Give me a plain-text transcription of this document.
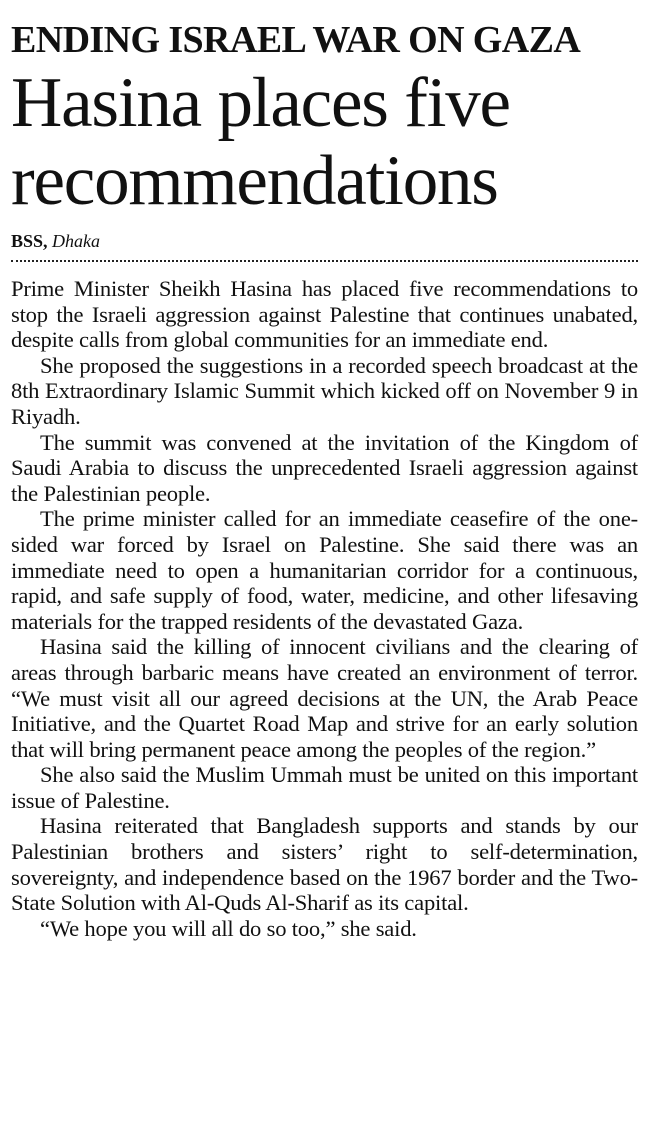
ENDING ISRAEL WAR ON GAZA
Hasina places five recommendations
BSS, Dhaka

Prime Minister Sheikh Hasina has placed five recommendations to stop the Israeli aggression against Palestine that continues unabated, despite calls from global communities for an immediate end.

She proposed the suggestions in a recorded speech broadcast at the 8th Extraordinary Islamic Summit which kicked off on November 9 in Riyadh.

The summit was convened at the invitation of the Kingdom of Saudi Arabia to discuss the unprecedented Israeli aggression against the Palestinian people.

The prime minister called for an immediate ceasefire of the one-sided war forced by Israel on Palestine. She said there was an immediate need to open a humanitarian corridor for a continuous, rapid, and safe supply of food, water, medicine, and other lifesaving materials for the trapped residents of the devastated Gaza.

Hasina said the killing of innocent civilians and the clearing of areas through barbaric means have created an environment of terror. “We must visit all our agreed decisions at the UN, the Arab Peace Initiative, and the Quartet Road Map and strive for an early solution that will bring permanent peace among the peoples of the region.”

She also said the Muslim Ummah must be united on this important issue of Palestine.

Hasina reiterated that Bangladesh supports and stands by our Palestinian brothers and sisters’ right to self-determination, sovereignty, and independence based on the 1967 border and the Two-State Solution with Al-Quds Al-Sharif as its capital.

“We hope you will all do so too,” she said.
